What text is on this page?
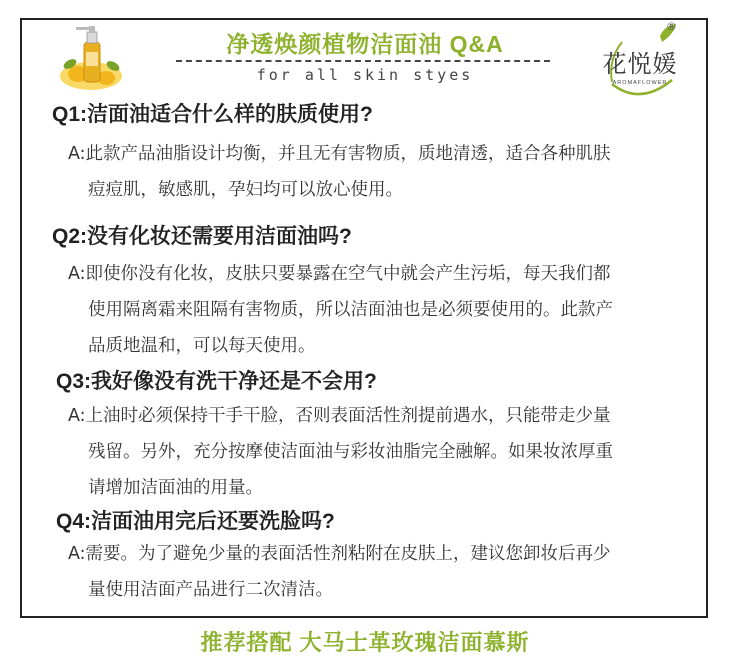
净透焕颜植物洁面油 Q&A
for all skin styes
®
花悦媛
AROMAFLOWER
Q1:洁面油适合什么样的肤质使用?
A:此款产品油脂设计均衡，并且无有害物质，质地清透，适合各种肌肤
痘痘肌，敏感肌，孕妇均可以放心使用。
Q2:没有化妆还需要用洁面油吗?
A:即使你没有化妆，皮肤只要暴露在空气中就会产生污垢，每天我们都
使用隔离霜来阻隔有害物质，所以洁面油也是必须要使用的。此款产
品质地温和，可以每天使用。
Q3:我好像没有洗干净还是不会用?
A:上油时必须保持干手干脸，否则表面活性剂提前遇水，只能带走少量
残留。另外，充分按摩使洁面油与彩妆油脂完全融解。如果妆浓厚重
请增加洁面油的用量。
Q4:洁面油用完后还要洗脸吗?
A:需要。为了避免少量的表面活性剂粘附在皮肤上，建议您卸妆后再少
量使用洁面产品进行二次清洁。
推荐搭配 大马士革玫瑰洁面慕斯
